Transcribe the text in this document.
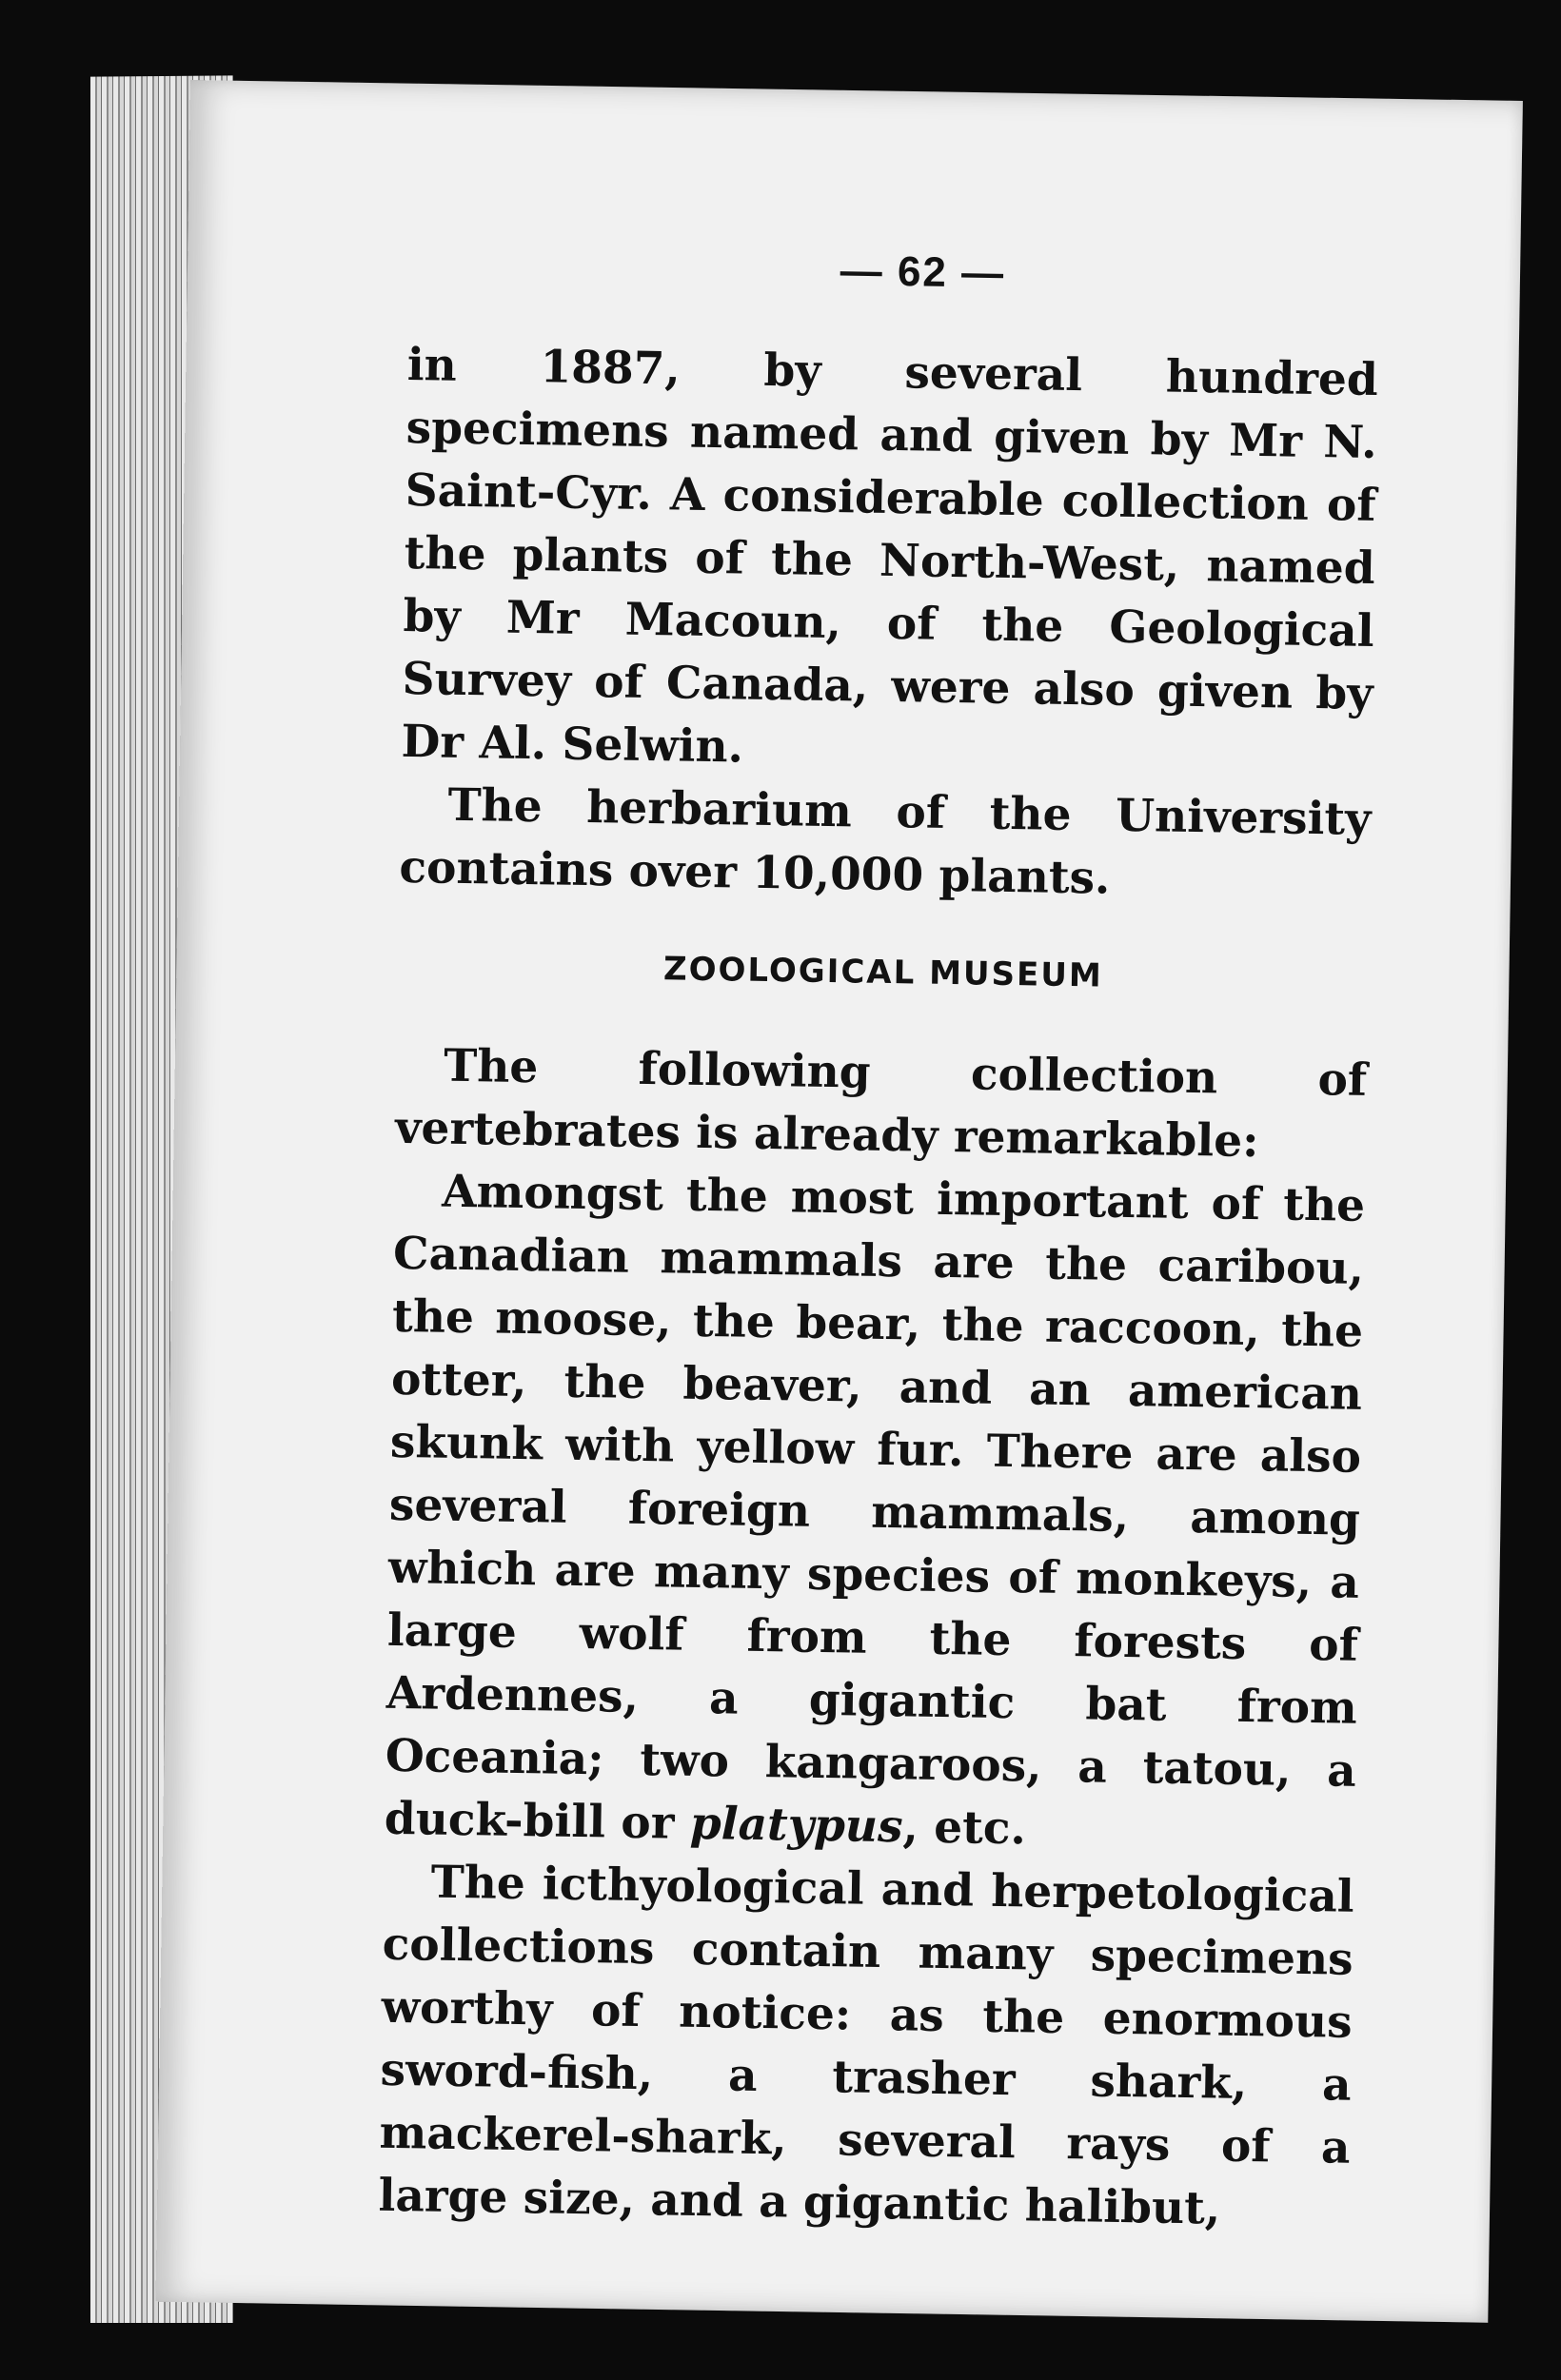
— 62 —

in 1887, by several hundred specimens named and given by Mr N. Saint-Cyr. A considerable collection of the plants of the North-West, named by Mr Macoun, of the Geological Survey of Canada, were also given by Dr Al. Selwin.

The herbarium of the University contains over 10,000 plants.

ZOOLOGICAL MUSEUM

The following collection of vertebrates is already remarkable:

Amongst the most important of the Canadian mammals are the caribou, the moose, the bear, the raccoon, the otter, the beaver, and an american skunk with yellow fur. There are also several foreign mammals, among which are many species of monkeys, a large wolf from the forests of Ardennes, a gigantic bat from Oceania; two kangaroos, a tatou, a duck-bill or platypus, etc.

The icthyological and herpetological collections contain many specimens worthy of notice: as the enormous sword-fish, a trasher shark, a mackerel-shark, several rays of a large size, and a gigantic halibut,
